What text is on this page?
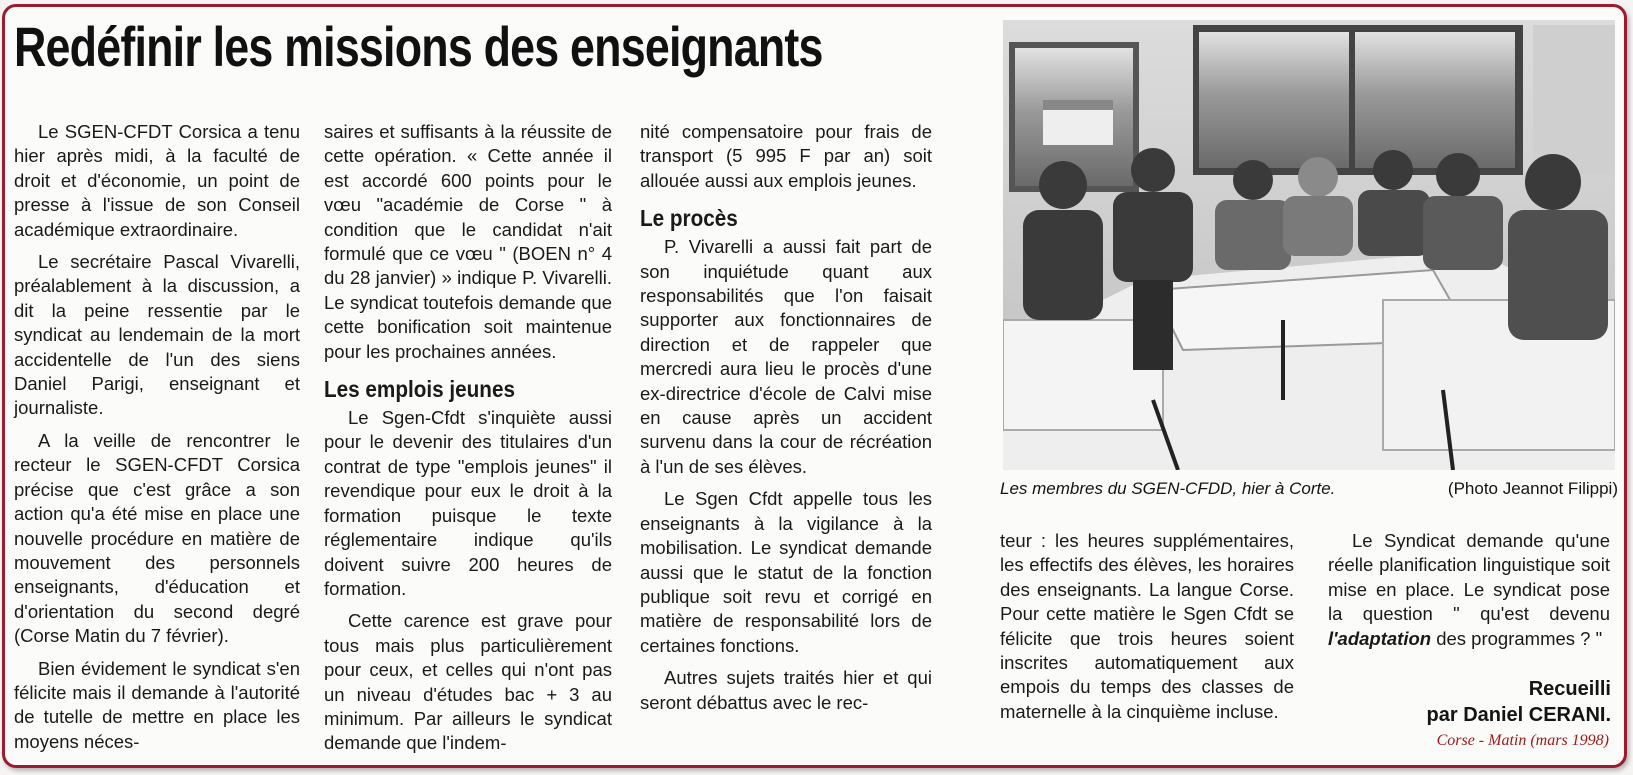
Redéfinir les missions des enseignants

Le SGEN-CFDT Corsica a tenu hier après midi, à la faculté de droit et d'économie, un point de presse à l'issue de son Conseil académique extraordinaire.

Le secrétaire Pascal Vivarelli, préalablement à la discussion, a dit la peine ressentie par le syndicat au lendemain de la mort accidentelle de l'un des siens Daniel Parigi, enseignant et journaliste.

A la veille de rencontrer le recteur le SGEN-CFDT Corsica précise que c'est grâce a son action qu'a été mise en place une nouvelle procédure en matière de mouvement des personnels enseignants, d'éducation et d'orientation du second degré (Corse Matin du 7 février).

Bien évidement le syndicat s'en félicite mais il demande à l'autorité de tutelle de mettre en place les moyens néces-

saires et suffisants à la réussite de cette opération. « Cette année il est accordé 600 points pour le vœu "académie de Corse " à condition que le candidat n'ait formulé que ce vœu " (BOEN n° 4 du 28 janvier) » indique P. Vivarelli. Le syndicat toutefois demande que cette bonification soit maintenue pour les prochaines années.

Les emplois jeunes

Le Sgen-Cfdt s'inquiète aussi pour le devenir des titulaires d'un contrat de type "emplois jeunes" il revendique pour eux le droit à la formation puisque le texte réglementaire indique qu'ils doivent suivre 200 heures de formation.

Cette carence est grave pour tous mais plus particulièrement pour ceux, et celles qui n'ont pas un niveau d'études bac + 3 au minimum. Par ailleurs le syndicat demande que l'indem-

nité compensatoire pour frais de transport (5 995 F par an) soit allouée aussi aux emplois jeunes.

Le procès

P. Vivarelli a aussi fait part de son inquiétude quant aux responsabilités que l'on faisait supporter aux fonctionnaires de direction et de rappeler que mercredi aura lieu le procès d'une ex-directrice d'école de Calvi mise en cause après un accident survenu dans la cour de récréation à l'un de ses élèves.

Le Sgen Cfdt appelle tous les enseignants à la vigilance à la mobilisation. Le syndicat demande aussi que le statut de la fonction publique soit revu et corrigé en matière de responsabilité lors de certaines fonctions.

Autres sujets traités hier et qui seront débattus avec le rec-

Les membres du SGEN-CFDD, hier à Corte.	(Photo Jeannot Filippi)

teur : les heures supplémentaires, les effectifs des élèves, les horaires des enseignants. La langue Corse. Pour cette matière le Sgen Cfdt se félicite que trois heures soient inscrites automatiquement aux empois du temps des classes de maternelle à la cinquième incluse.

Le Syndicat demande qu'une réelle planification linguistique soit mise en place. Le syndicat pose la question " qu'est devenu l'adaptation des programmes ? "

Recueilli
par Daniel CERANI.
Corse - Matin (mars 1998)
